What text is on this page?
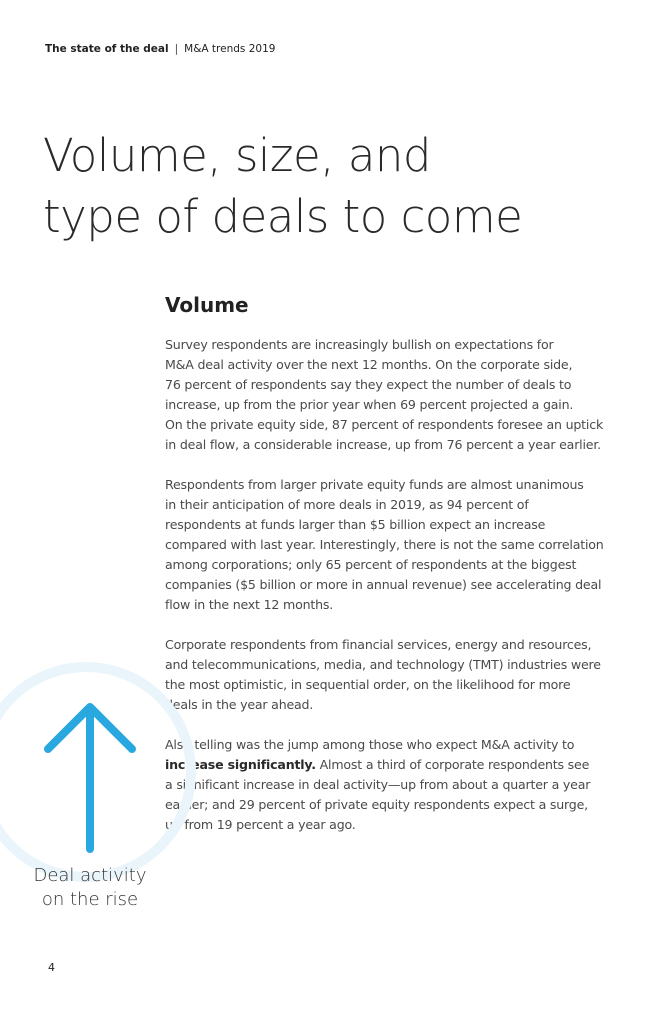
The state of the deal | M&A trends 2019
Volume, size, and
type of deals to come
Volume

Survey respondents are increasingly bullish on expectations for
M&A deal activity over the next 12 months. On the corporate side,
76 percent of respondents say they expect the number of deals to
increase, up from the prior year when 69 percent projected a gain.
On the private equity side, 87 percent of respondents foresee an uptick
in deal flow, a considerable increase, up from 76 percent a year earlier.

Respondents from larger private equity funds are almost unanimous
in their anticipation of more deals in 2019, as 94 percent of
respondents at funds larger than $5 billion expect an increase
compared with last year. Interestingly, there is not the same correlation
among corporations; only 65 percent of respondents at the biggest
companies ($5 billion or more in annual revenue) see accelerating deal
flow in the next 12 months.

Corporate respondents from financial services, energy and resources,
and telecommunications, media, and technology (TMT) industries were
the most optimistic, in sequential order, on the likelihood for more
deals in the year ahead.

Also telling was the jump among those who expect M&A activity to
increase significantly. Almost a third of corporate respondents see
a significant increase in deal activity—up from about a quarter a year
earlier; and 29 percent of private equity respondents expect a surge,
up from 19 percent a year ago.

Deal activity
on the rise
4
